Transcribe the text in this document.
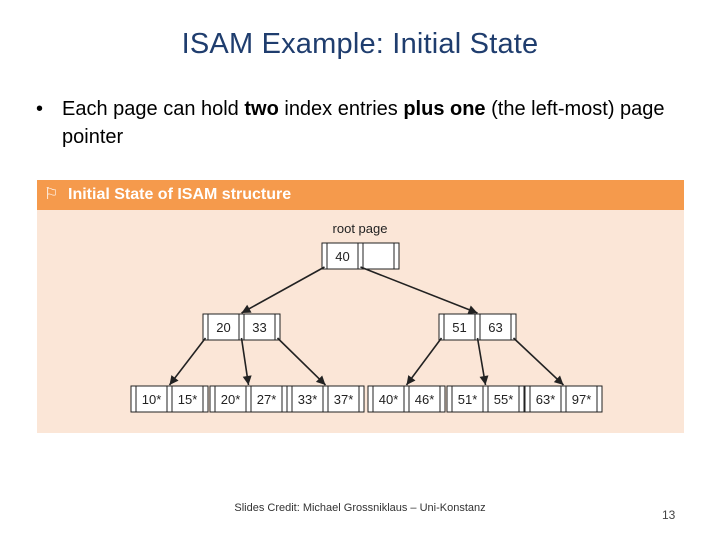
ISAM Example: Initial State
• Each page can hold two index entries plus one (the left-most) page pointer
⚐ Initial State of ISAM structure
root page
40
20 33	51 63
10* 15* 20* 27* 33* 37* 40* 46* 51* 55* 63* 97*
Slides Credit: Michael Grossniklaus – Uni-Konstanz	13
